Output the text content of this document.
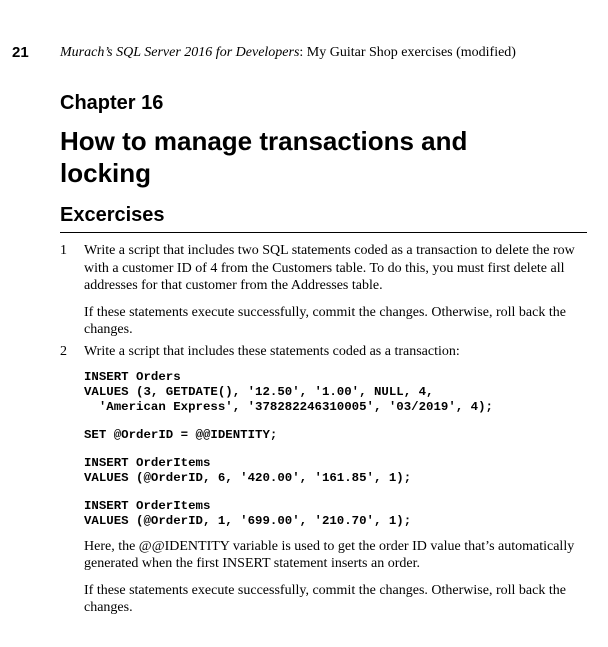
21 Murach’s SQL Server 2016 for Developers: My Guitar Shop exercises (modified)
Chapter 16
How to manage transactions and locking
Excercises
1 Write a script that includes two SQL statements coded as a transaction to delete the row with a customer ID of 4 from the Customers table. To do this, you must first delete all addresses for that customer from the Addresses table.

If these statements execute successfully, commit the changes. Otherwise, roll back the changes.

2 Write a script that includes these statements coded as a transaction:

INSERT Orders
VALUES (3, GETDATE(), '12.50', '1.00', NULL, 4,
'American Express', '378282246310005', '03/2019', 4);
SET @OrderID = @@IDENTITY;
INSERT OrderItems
VALUES (@OrderID, 6, '420.00', '161.85', 1);
INSERT OrderItems
VALUES (@OrderID, 1, '699.00', '210.70', 1);

Here, the @@IDENTITY variable is used to get the order ID value that’s automatically generated when the first INSERT statement inserts an order.

If these statements execute successfully, commit the changes. Otherwise, roll back the changes.
